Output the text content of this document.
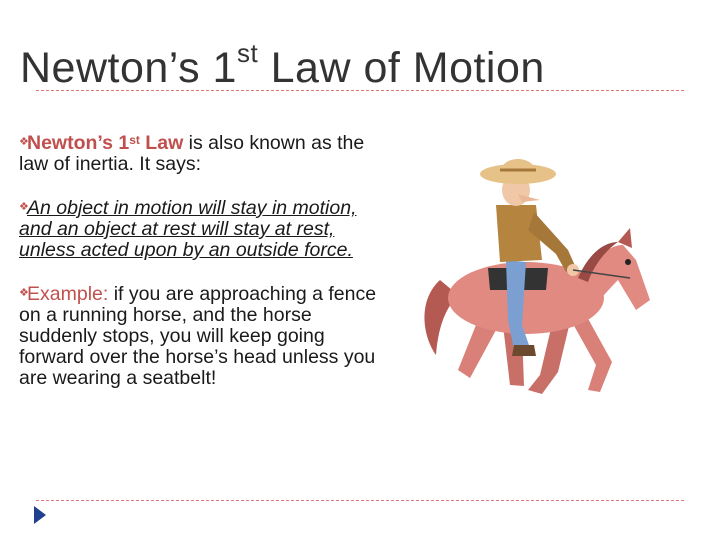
Newton’s 1st Law of Motion

❖Newton’s 1st Law is also known as the law of inertia. It says:

❖An object in motion will stay in motion, and an object at rest will stay at rest, unless acted upon by an outside force.

❖Example: if you are approaching a fence on a running horse, and the horse suddenly stops, you will keep going forward over the horse’s head unless you are wearing a seatbelt!
